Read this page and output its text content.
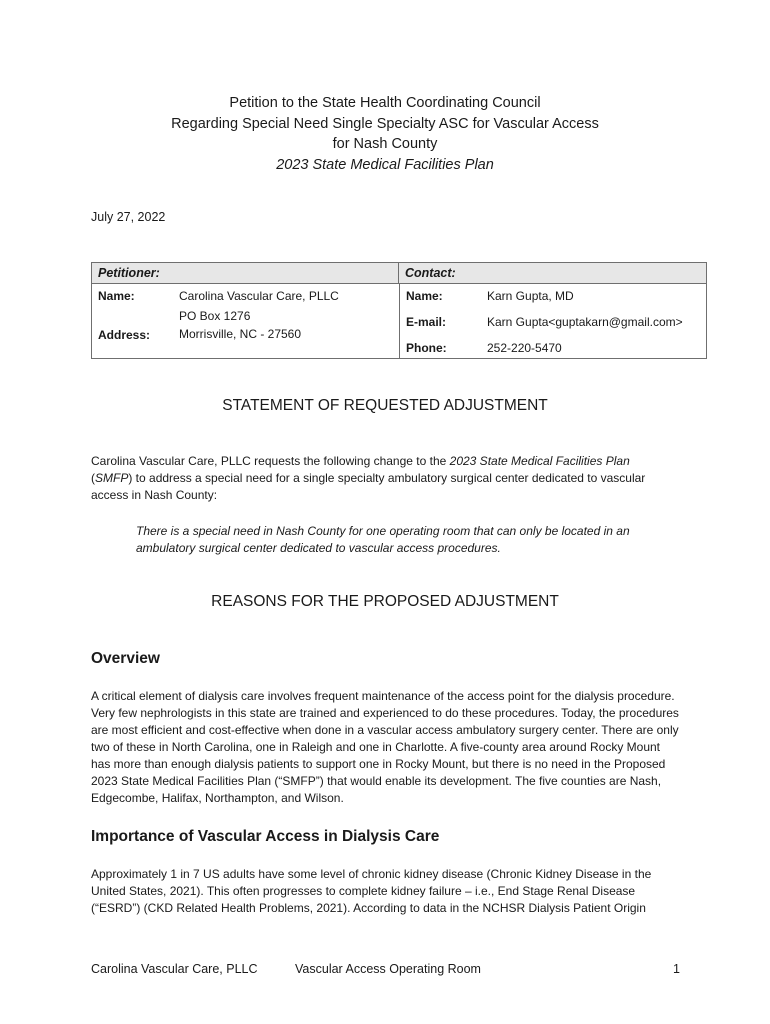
Petition to the State Health Coordinating Council
Regarding Special Need Single Specialty ASC for Vascular Access
for Nash County
2023 State Medical Facilities Plan
July 27, 2022
Petitioner:	Contact:
Name:	Carolina Vascular Care, PLLC
PO Box 1276
Address: Morrisville, NC - 27560
Name:	Karn Gupta, MD
E-mail:	Karn Gupta<guptakarn@gmail.com>
Phone:	252-220-5470
STATEMENT OF REQUESTED ADJUSTMENT
Carolina Vascular Care, PLLC requests the following change to the 2023 State Medical Facilities Plan
(SMFP) to address a special need for a single specialty ambulatory surgical center dedicated to vascular access in Nash County:
There is a special need in Nash County for one operating room that can only be located in an ambulatory surgical center dedicated to vascular access procedures.
REASONS FOR THE PROPOSED ADJUSTMENT
Overview
A critical element of dialysis care involves frequent maintenance of the access point for the dialysis procedure. Very few nephrologists in this state are trained and experienced to do these procedures. Today, the procedures are most efficient and cost-effective when done in a vascular access ambulatory surgery center. There are only two of these in North Carolina, one in Raleigh and one in Charlotte. A five-county area around Rocky Mount has more than enough dialysis patients to support one in Rocky Mount, but there is no need in the Proposed 2023 State Medical Facilities Plan (“SMFP”) that would enable its development. The five counties are Nash, Edgecombe, Halifax, Northampton, and Wilson.
Importance of Vascular Access in Dialysis Care
Approximately 1 in 7 US adults have some level of chronic kidney disease (Chronic Kidney Disease in the United States, 2021). This often progresses to complete kidney failure – i.e., End Stage Renal Disease (“ESRD”) (CKD Related Health Problems, 2021). According to data in the NCHSR Dialysis Patient Origin
Carolina Vascular Care, PLLC	Vascular Access Operating Room	1
